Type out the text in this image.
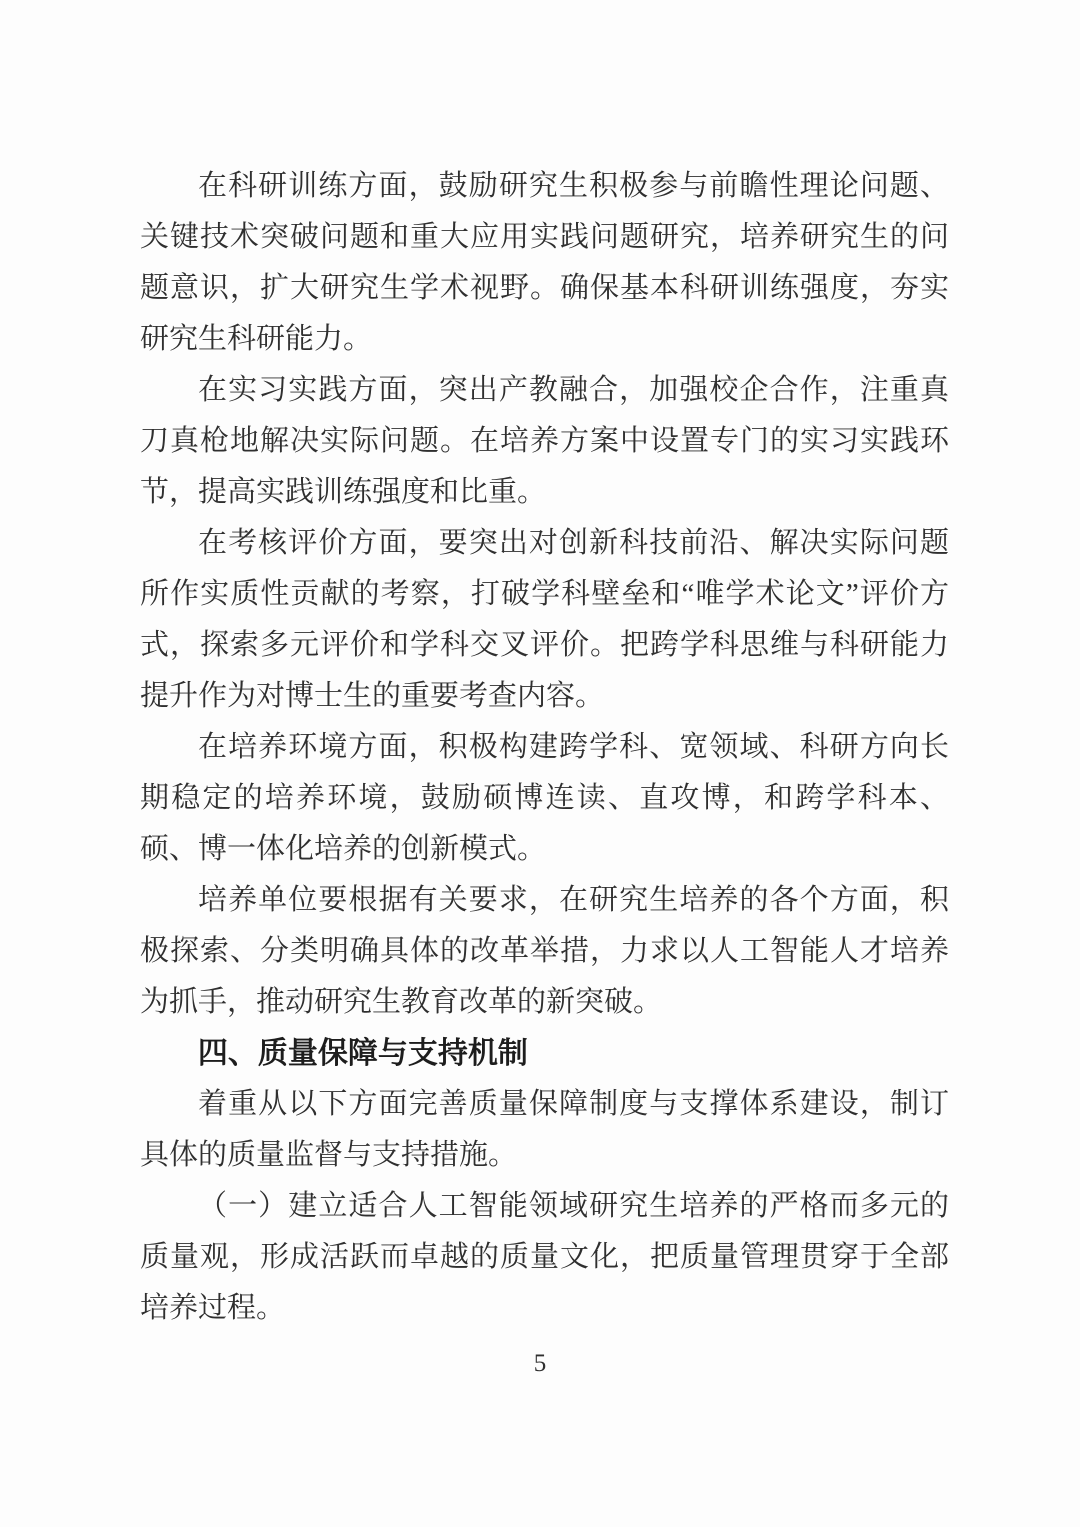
在科研训练方面，鼓励研究生积极参与前瞻性理论问题、关键技术突破问题和重大应用实践问题研究，培养研究生的问题意识，扩大研究生学术视野。确保基本科研训练强度，夯实研究生科研能力。

在实习实践方面，突出产教融合，加强校企合作，注重真刀真枪地解决实际问题。在培养方案中设置专门的实习实践环节，提高实践训练强度和比重。

在考核评价方面，要突出对创新科技前沿、解决实际问题所作实质性贡献的考察，打破学科壁垒和“唯学术论文”评价方式，探索多元评价和学科交叉评价。把跨学科思维与科研能力提升作为对博士生的重要考查内容。

在培养环境方面，积极构建跨学科、宽领域、科研方向长期稳定的培养环境，鼓励硕博连读、直攻博，和跨学科本、硕、博一体化培养的创新模式。

培养单位要根据有关要求，在研究生培养的各个方面，积极探索、分类明确具体的改革举措，力求以人工智能人才培养为抓手，推动研究生教育改革的新突破。

四、质量保障与支持机制

着重从以下方面完善质量保障制度与支撑体系建设，制订具体的质量监督与支持措施。

（一）建立适合人工智能领域研究生培养的严格而多元的质量观，形成活跃而卓越的质量文化，把质量管理贯穿于全部培养过程。

5
